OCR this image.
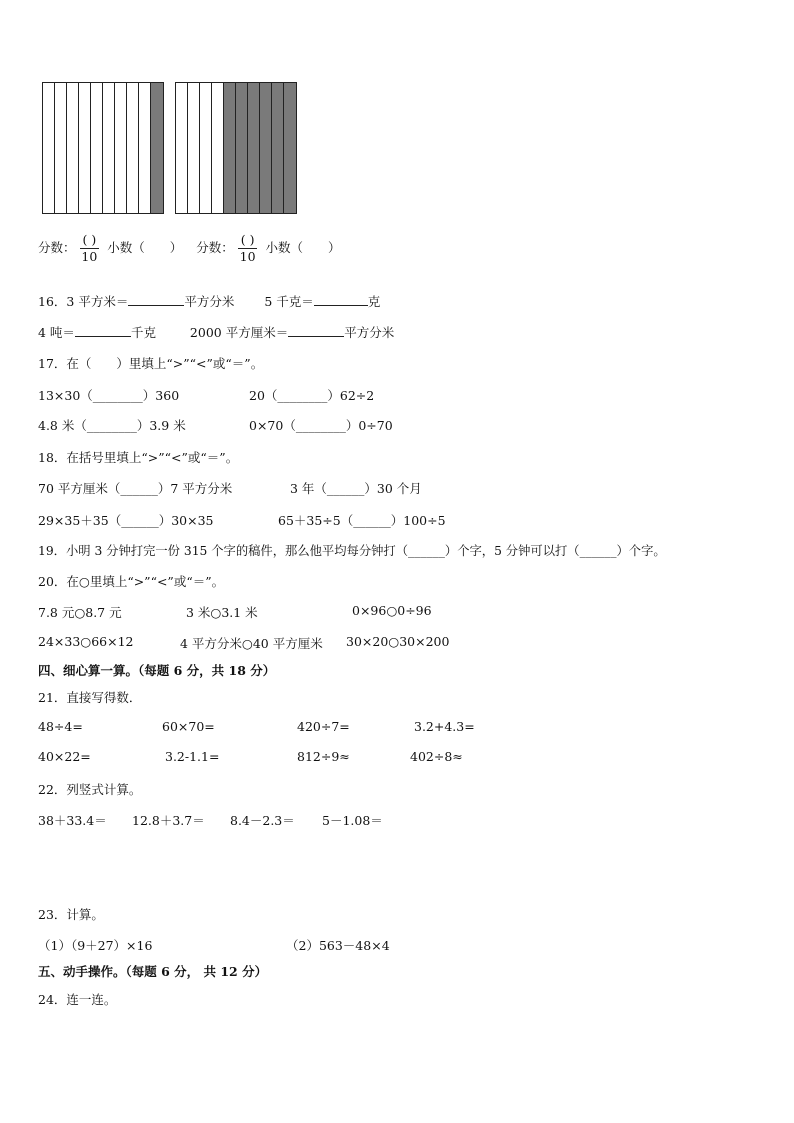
分数： $\frac{( )}{10}$ 小数（　　） 分数： $\frac{( )}{10}$ 小数（　　）
16．3 平方米＝	平方分米 5 千克＝	克
4 吨＝	千克	2000 平方厘米＝	平方分米
17．在（　　）里填上“>”“<”或“＝”。
13×30（________）360	20（________）62÷2
4.8 米（________）3.9 米	0×70（________）0÷70
18．在括号里填上“>”“<”或“＝”。
70 平方厘米（______）7 平方分米	3 年（______）30 个月
29×35＋35（______）30×35	65＋35÷5（______）100÷5
19．小明 3 分钟打完一份 315 个字的稿件，那么他平均每分钟打（______）个字，5 分钟可以打（______）个字。
20．在○里填上“>”“<”或“＝”。
7.8 元○8.7 元	3 米○3.1 米	0×96○0÷96
24×33○66×12	4 平方分米○40 平方厘米 30×20○30×200
四、细心算一算。（每题 6 分，共 18 分）
21．直接写得数．
48÷4=	60×70=	420÷7=	3.2+4.3=
40×22=	3.2-1.1=	812÷9≈	402÷8≈
22．列竖式计算。
38＋33.4＝ 12.8＋3.7＝ 8.4－2.3＝ 5－1.08＝
23．计算。
（1）（9＋27）×16	（2）563－48×4
五、动手操作。（每题 6 分， 共 12 分）
24．连一连。
